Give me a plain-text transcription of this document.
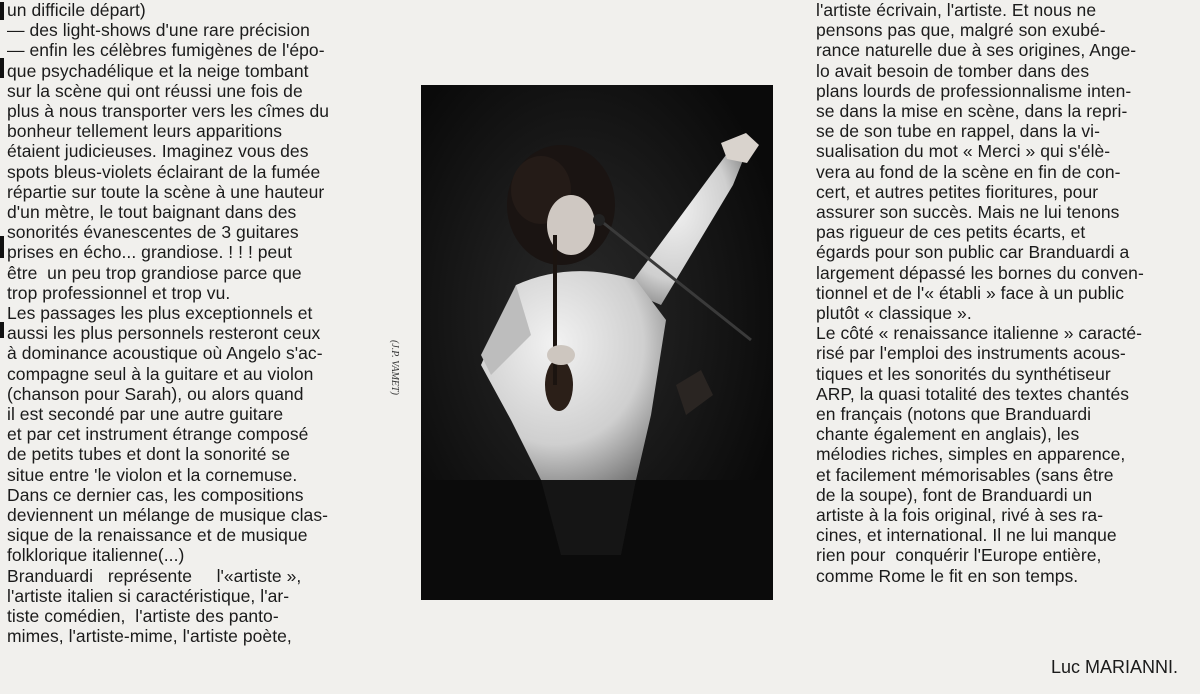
un difficile départ)
— des light-shows d'une rare précision
— enfin les célèbres fumigènes de l'épo-
que psychadélique et la neige tombant
sur la scène qui ont réussi une fois de
plus à nous transporter vers les cîmes du
bonheur tellement leurs apparitions
étaient judicieuses. Imaginez vous des
spots bleus-violets éclairant de la fumée
répartie sur toute la scène à une hauteur
d'un mètre, le tout baignant dans des
sonorités évanescentes de 3 guitares
prises en écho... grandiose. ! ! ! peut
être  un peu trop grandiose parce que
trop professionnel et trop vu.
Les passages les plus exceptionnels et
aussi les plus personnels resteront ceux
à dominance acoustique où Angelo s'ac-
compagne seul à la guitare et au violon
(chanson pour Sarah), ou alors quand
il est secondé par une autre guitare
et par cet instrument étrange composé
de petits tubes et dont la sonorité se
situe entre 'le violon et la cornemuse.
Dans ce dernier cas, les compositions
deviennent un mélange de musique clas-
sique de la renaissance et de musique
folklorique italienne(...)
Branduardi   représente     l'«artiste »,
l'artiste italien si caractéristique, l'ar-
tiste comédien,  l'artiste des panto-
mimes, l'artiste-mime, l'artiste poète,

(J.P. VAMET)

l'artiste écrivain, l'artiste. Et nous ne
pensons pas que, malgré son exubé-
rance naturelle due à ses origines, Ange-
lo avait besoin de tomber dans des
plans lourds de professionnalisme inten-
se dans la mise en scène, dans la repri-
se de son tube en rappel, dans la vi-
sualisation du mot « Merci » qui s'élè-
vera au fond de la scène en fin de con-
cert, et autres petites fioritures, pour
assurer son succès. Mais ne lui tenons
pas rigueur de ces petits écarts, et
égards pour son public car Branduardi a
largement dépassé les bornes du conven-
tionnel et de l'« établi » face à un public
plutôt « classique ».
Le côté « renaissance italienne » caracté-
risé par l'emploi des instruments acous-
tiques et les sonorités du synthétiseur
ARP, la quasi totalité des textes chantés
en français (notons que Branduardi
chante également en anglais), les
mélodies riches, simples en apparence,
et facilement mémorisables (sans être
de la soupe), font de Branduardi un
artiste à la fois original, rivé à ses ra-
cines, et international. Il ne lui manque
rien pour  conquérir l'Europe entière,
comme Rome le fit en son temps.

Luc MARIANNI.
